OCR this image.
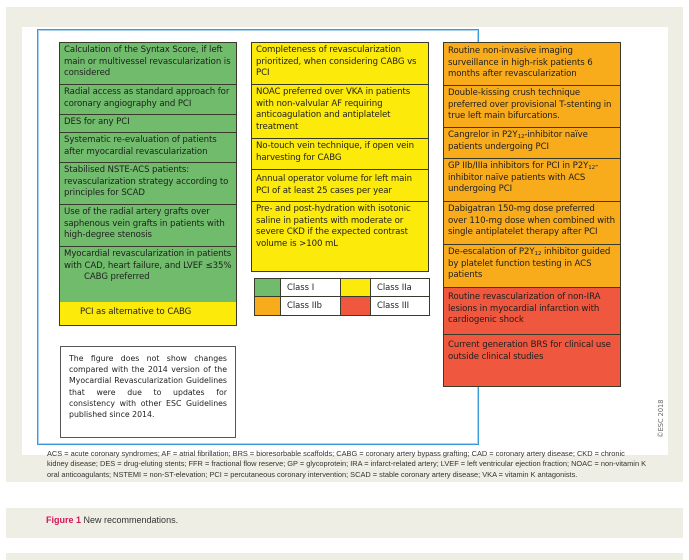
Calculation of the Syntax Score, if left main or multivessel revascularization is considered
Radial access as standard approach for coronary angiography and PCI
DES for any PCI
Systematic re-evaluation of patients after myocardial revascularization
Stabilised NSTE-ACS patients: revascularization strategy according to principles for SCAD
Use of the radial artery grafts over saphenous vein grafts in patients with high-degree stenosis
Myocardial revascularization in patients with CAD, heart failure, and LVEF ≤35%
CABG preferred
PCI as alternative to CABG
Completeness of revascularization prioritized, when considering CABG vs PCI
NOAC preferred over VKA in patients with non-valvular AF requiring anticoagulation and antiplatelet treatment
No-touch vein technique, if open vein harvesting for CABG
Annual operator volume for left main PCI of at least 25 cases per year
Pre- and post-hydration with isotonic saline in patients with moderate or severe CKD if the expected contrast volume is >100 mL
Class I	Class IIa
Class IIb	Class III
Routine non-invasive imaging surveillance in high-risk patients 6 months after revascularization
Double-kissing crush technique preferred over provisional T-stenting in true left main bifurcations.
Cangrelor in $P2Y_{12}$-inhibitor naïve patients undergoing PCI
GP IIb/IIIa inhibitors for PCI in $P2Y_{12}$-inhibitor naïve patients with ACS undergoing PCI
Dabigatran 150-mg dose preferred over 110-mg dose when combined with single antiplatelet therapy after PCI
De-escalation of $P2Y_{12}$ inhibitor guided by platelet function testing in ACS patients
Routine revascularization of non-IRA lesions in myocardial infarction with cardiogenic shock
Current generation BRS for clinical use outside clinical studies
The figure does not show changes compared with the 2014 version of the Myocardial Revascularization Guidelines that were due to updates for consistency with other ESC Guidelines published since 2014.	©ESC 2018
ACS = acute coronary syndromes; AF = atrial fibrillation; BRS = bioresorbable scaffolds; CABG = coronary artery bypass grafting; CAD = coronary artery disease; CKD = chronic kidney disease; DES = drug-eluting stents; FFR = fractional flow reserve; GP = glycoprotein; IRA = infarct-related artery; LVEF = left ventricular ejection fraction; NOAC = non-vitamin K oral anticoagulants; NSTEMI = non-ST-elevation; PCI = percutaneous coronary intervention; SCAD = stable coronary artery disease; VKA = vitamin K antagonists.
Figure 1 New recommendations.
